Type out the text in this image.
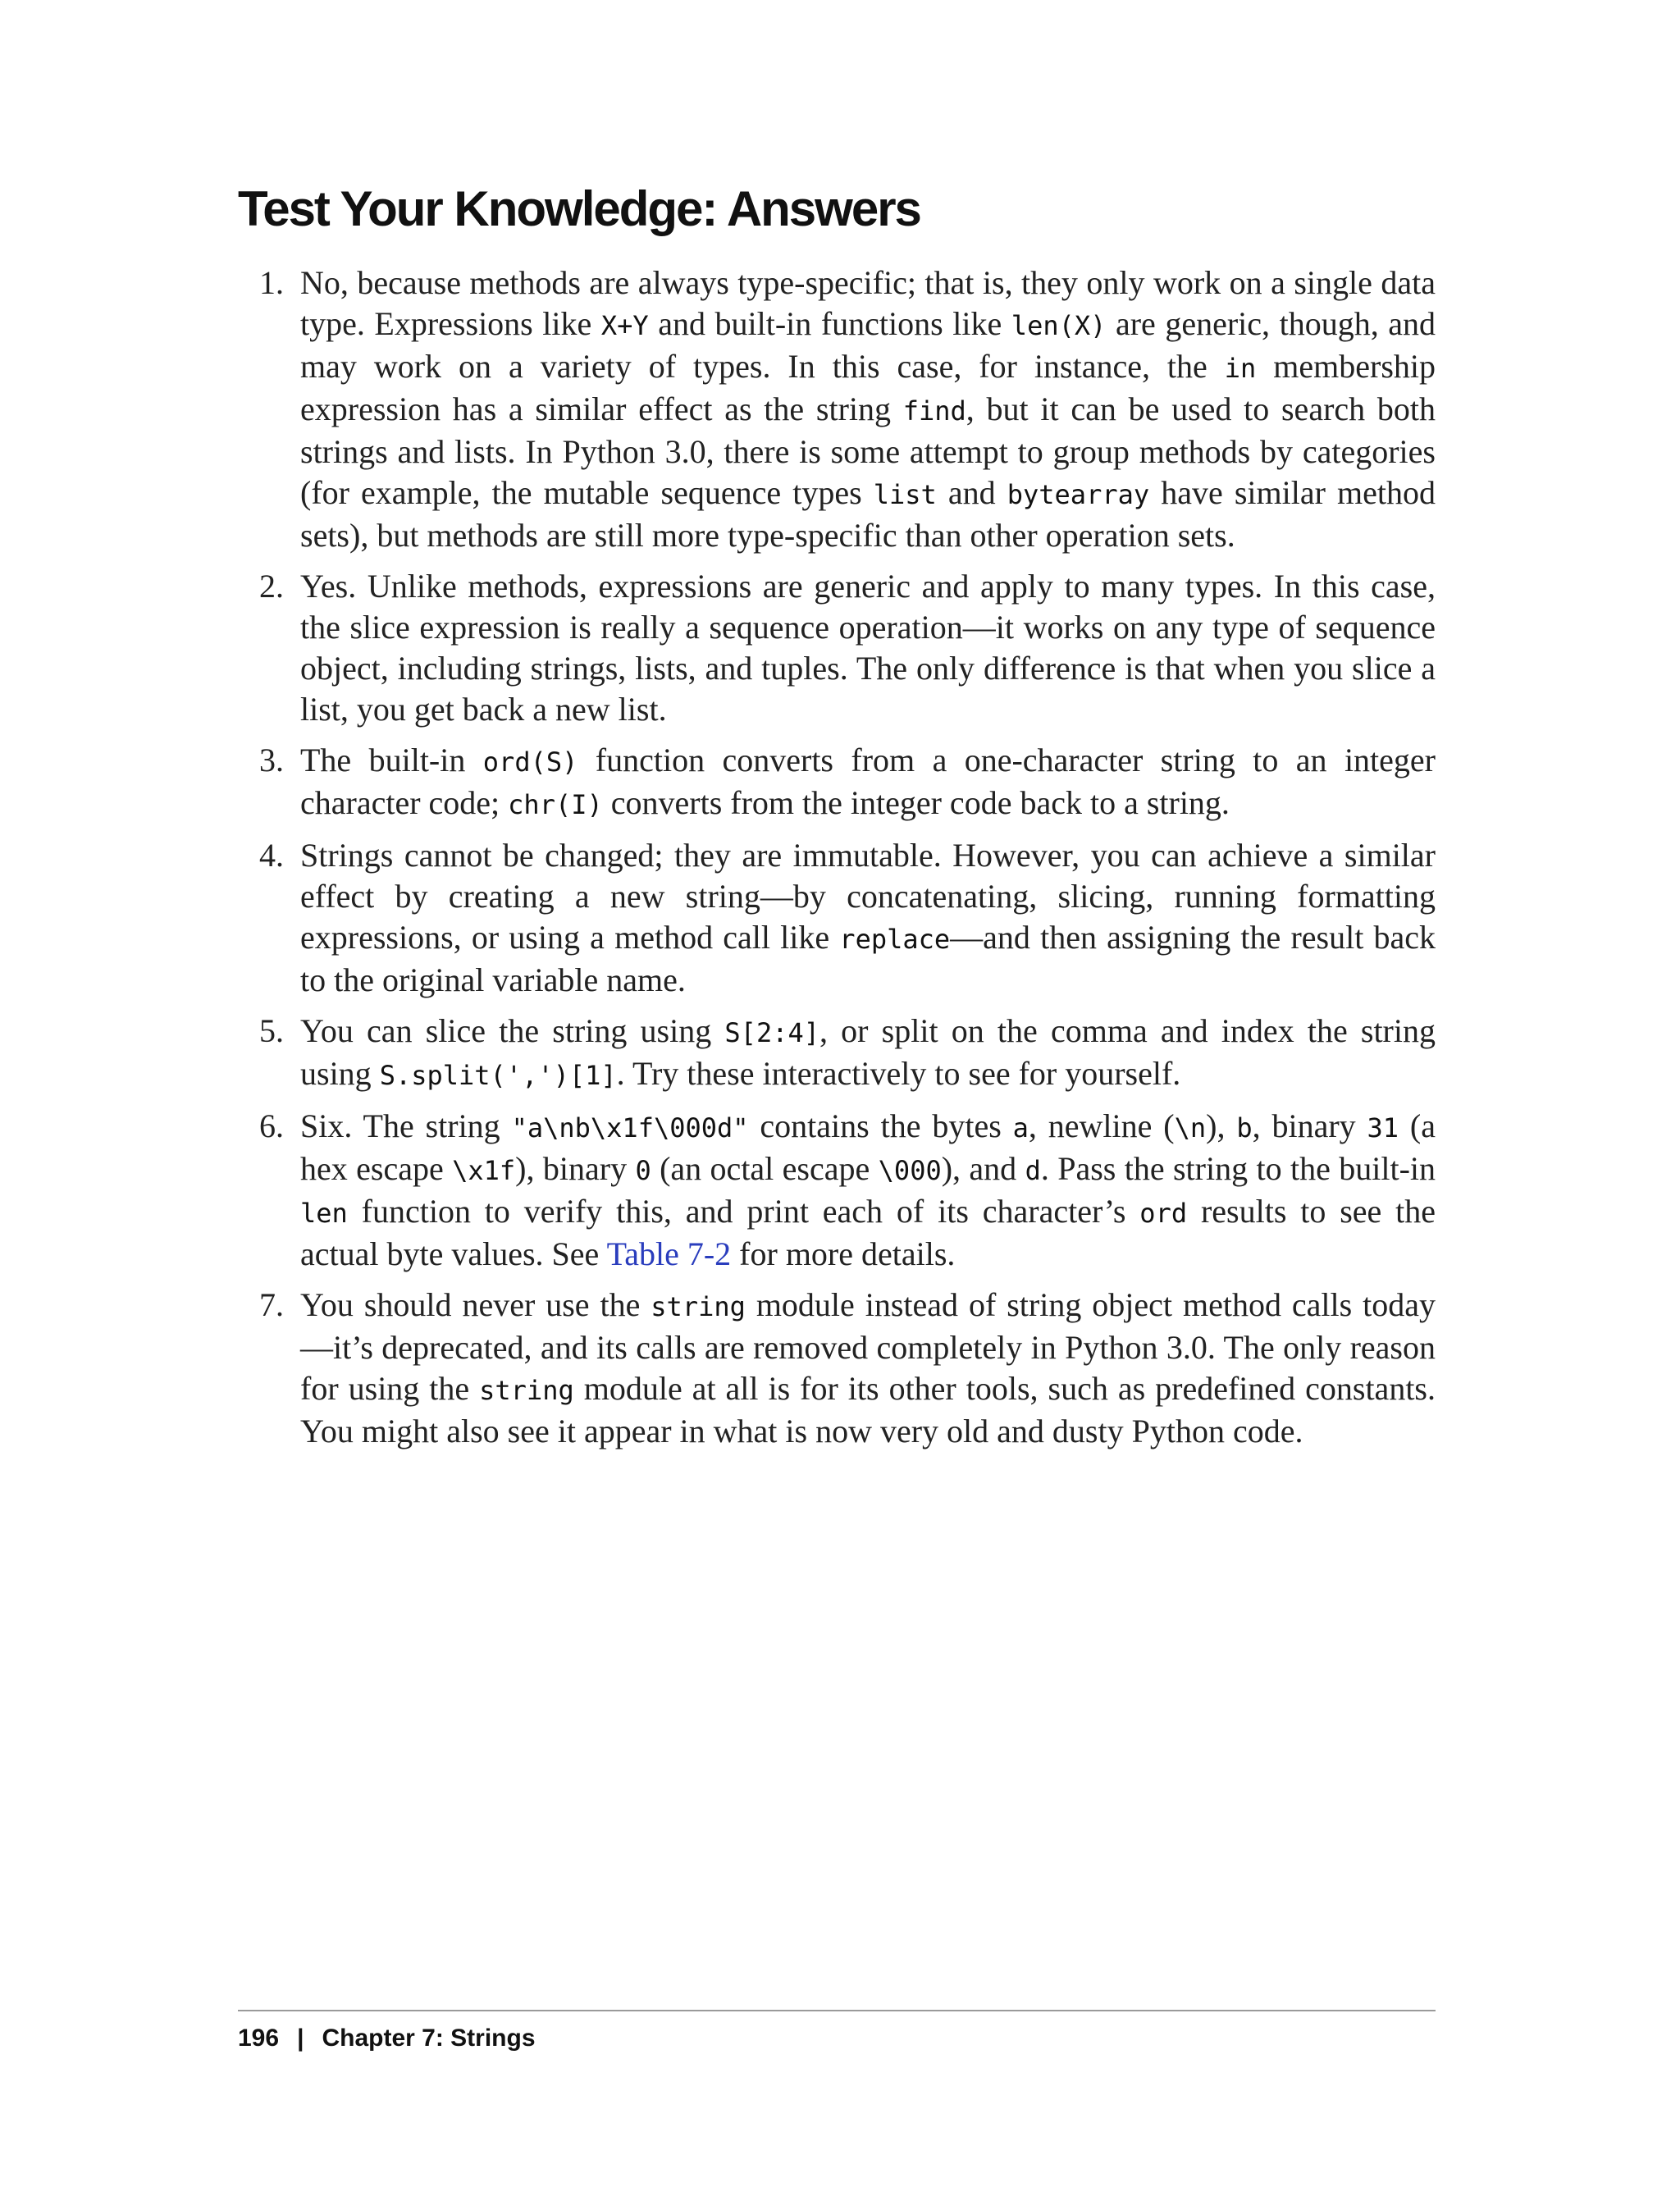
Test Your Knowledge: Answers
1. No, because methods are always type-specific; that is, they only work on a single data type. Expressions like X+Y and built-in functions like len(X) are generic, though, and may work on a variety of types. In this case, for instance, the in membership expression has a similar effect as the string find, but it can be used to search both strings and lists. In Python 3.0, there is some attempt to group methods by categories (for example, the mutable sequence types list and bytearray have similar method sets), but methods are still more type-specific than other operation sets.
2. Yes. Unlike methods, expressions are generic and apply to many types. In this case, the slice expression is really a sequence operation—it works on any type of sequence object, including strings, lists, and tuples. The only difference is that when you slice a list, you get back a new list.
3. The built-in ord(S) function converts from a one-character string to an integer character code; chr(I) converts from the integer code back to a string.
4. Strings cannot be changed; they are immutable. However, you can achieve a similar effect by creating a new string—by concatenating, slicing, running formatting expressions, or using a method call like replace—and then assigning the result back to the original variable name.
5. You can slice the string using S[2:4], or split on the comma and index the string using S.split(',')[1]. Try these interactively to see for yourself.
6. Six. The string "a\nb\x1f\000d" contains the bytes a, newline (\n), b, binary 31 (a hex escape \x1f), binary 0 (an octal escape \000), and d. Pass the string to the built-in len function to verify this, and print each of its character’s ord results to see the actual byte values. See Table 7-2 for more details.
7. You should never use the string module instead of string object method calls today—it’s deprecated, and its calls are removed completely in Python 3.0. The only reason for using the string module at all is for its other tools, such as predefined constants. You might also see it appear in what is now very old and dusty Python code.
196 | Chapter 7: Strings
